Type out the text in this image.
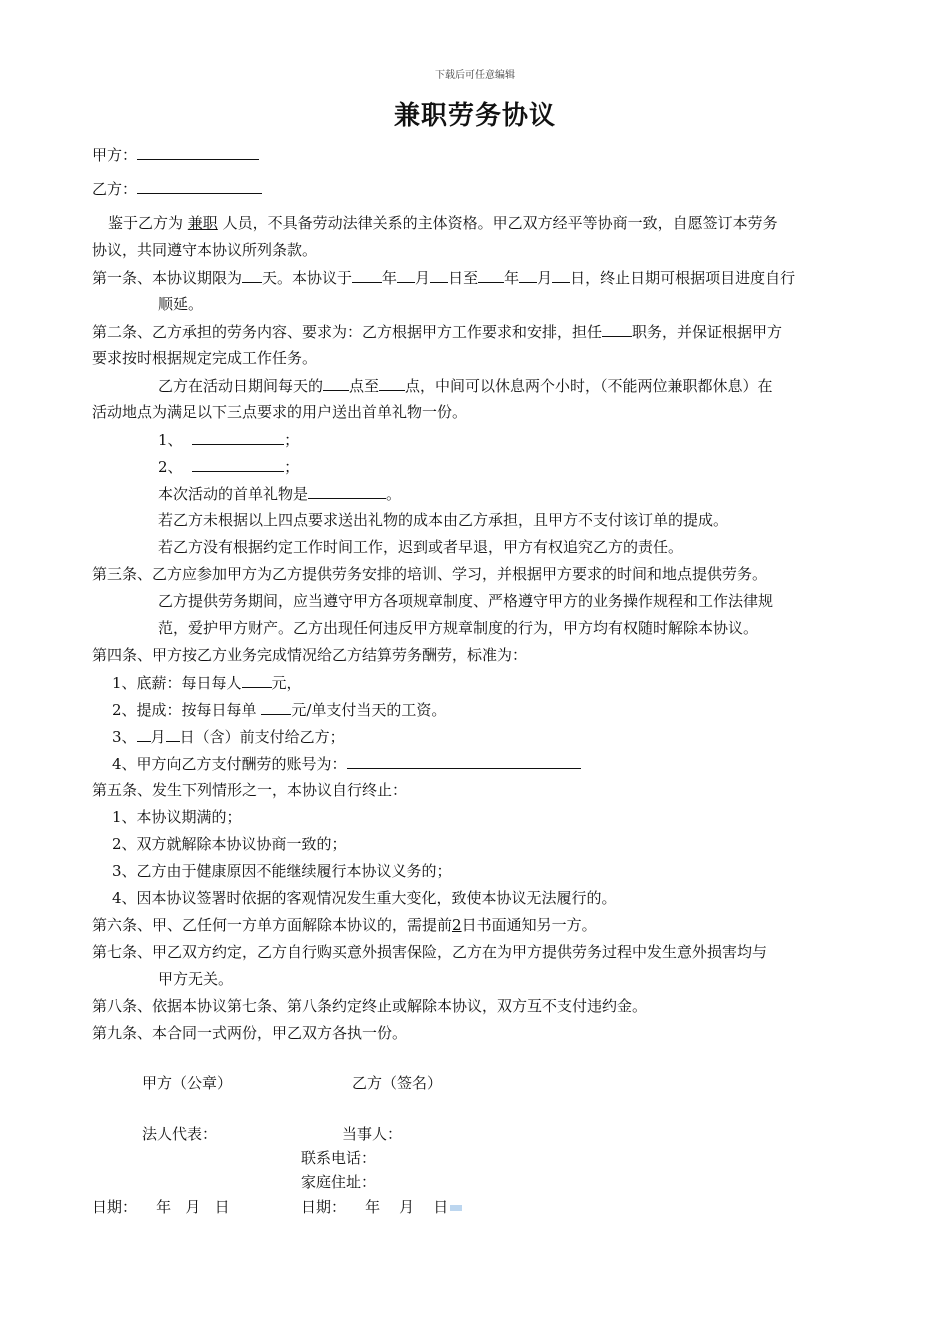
下载后可任意编辑
兼职劳务协议
甲方：
乙方：
鉴于乙方为 兼职 人员，不具备劳动法律关系的主体资格。甲乙双方经平等协商一致，自愿签订本劳务
协议，共同遵守本协议所列条款。
第一条、本协议期限为 天。本协议于 年 月 日至 年 月 日，终止日期可根据项目进度自行
顺延。
第二条、乙方承担的劳务内容、要求为：乙方根据甲方工作要求和安排，担任 职务，并保证根据甲方
要求按时根据规定完成工作任务。
乙方在活动日期间每天的 点至 点，中间可以休息两个小时，（不能两位兼职都休息）在
活动地点为满足以下三点要求的用户送出首单礼物一份。
1、	；
2、	；
本次活动的首单礼物是	。
若乙方未根据以上四点要求送出礼物的成本由乙方承担，且甲方不支付该订单的提成。
若乙方没有根据约定工作时间工作，迟到或者早退，甲方有权追究乙方的责任。
第三条、乙方应参加甲方为乙方提供劳务安排的培训、学习，并根据甲方要求的时间和地点提供劳务。
乙方提供劳务期间，应当遵守甲方各项规章制度、严格遵守甲方的业务操作规程和工作法律规
范，爱护甲方财产。乙方出现任何违反甲方规章制度的行为，甲方均有权随时解除本协议。
第四条、甲方按乙方业务完成情况给乙方结算劳务酬劳，标准为：
1、底薪：每日每人 元，
2、提成：按每日每单 元/单支付当天的工资。
3、 月 日（含）前支付给乙方；
4、甲方向乙方支付酬劳的账号为：
第五条、发生下列情形之一，本协议自行终止：
1、本协议期满的；
2、双方就解除本协议协商一致的；
3、乙方由于健康原因不能继续履行本协议义务的；
4、因本协议签署时依据的客观情况发生重大变化，致使本协议无法履行的。
第六条、甲、乙任何一方单方面解除本协议的，需提前2日书面通知另一方。
第七条、甲乙双方约定，乙方自行购买意外损害保险，乙方在为甲方提供劳务过程中发生意外损害均与
甲方无关。
第八条、依据本协议第七条、第八条约定终止或解除本协议，双方互不支付违约金。
第九条、本合同一式两份，甲乙双方各执一份。
甲方（公章）	乙方（签名）
法人代表：	当事人：
联系电话：
家庭住址：
日期：    年   月   日	日期：    年    月    日
